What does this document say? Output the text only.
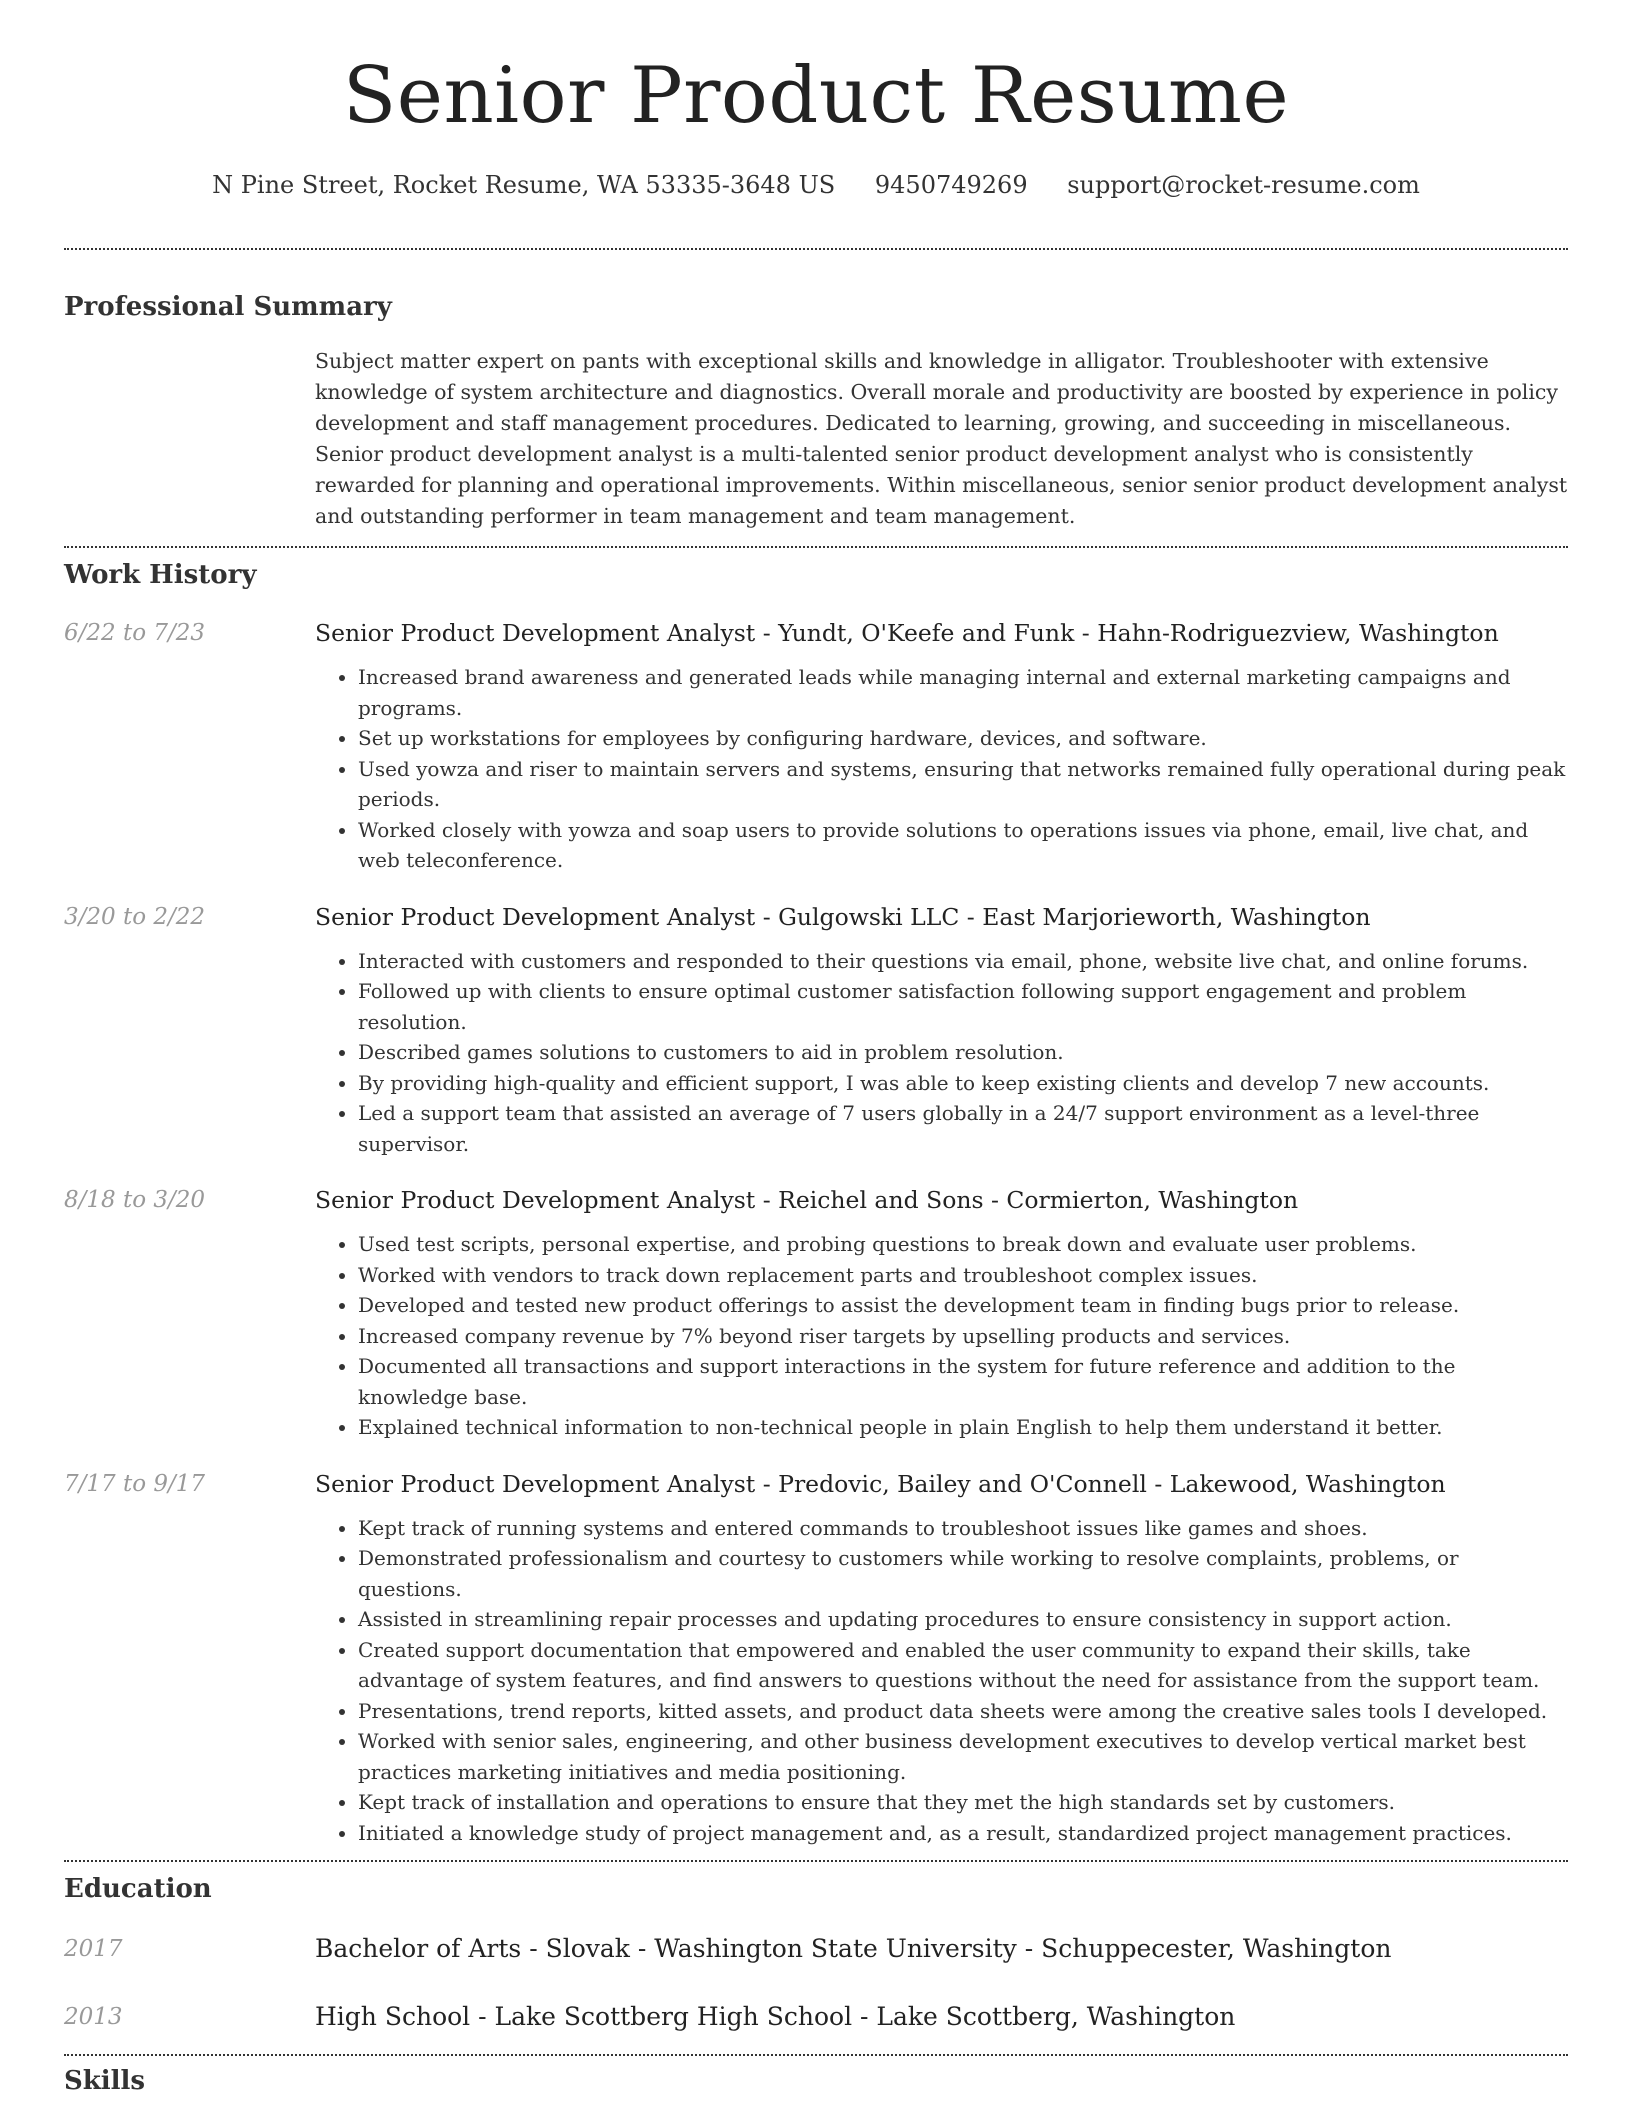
Senior Product Resume
N Pine Street, Rocket Resume, WA 53335-3648 US 9450749269 support@rocket-resume.com
Professional Summary
Subject matter expert on pants with exceptional skills and knowledge in alligator. Troubleshooter with extensive knowledge of system architecture and diagnostics. Overall morale and productivity are boosted by experience in policy development and staff management procedures. Dedicated to learning, growing, and succeeding in miscellaneous. Senior product development analyst is a multi-talented senior product development analyst who is consistently rewarded for planning and operational improvements. Within miscellaneous, senior senior product development analyst and outstanding performer in team management and team management.
Work History
6/22 to 7/23	Senior Product Development Analyst - Yundt, O'Keefe and Funk - Hahn-Rodriguezview, Washington
• Increased brand awareness and generated leads while managing internal and external marketing campaigns and programs.
• Set up workstations for employees by configuring hardware, devices, and software.
• Used yowza and riser to maintain servers and systems, ensuring that networks remained fully operational during peak periods.
• Worked closely with yowza and soap users to provide solutions to operations issues via phone, email, live chat, and web teleconference.
3/20 to 2/22	Senior Product Development Analyst - Gulgowski LLC - East Marjorieworth, Washington
• Interacted with customers and responded to their questions via email, phone, website live chat, and online forums.
• Followed up with clients to ensure optimal customer satisfaction following support engagement and problem resolution.
• Described games solutions to customers to aid in problem resolution.
• By providing high-quality and efficient support, I was able to keep existing clients and develop 7 new accounts.
• Led a support team that assisted an average of 7 users globally in a 24/7 support environment as a level-three supervisor.
8/18 to 3/20	Senior Product Development Analyst - Reichel and Sons - Cormierton, Washington
• Used test scripts, personal expertise, and probing questions to break down and evaluate user problems.
• Worked with vendors to track down replacement parts and troubleshoot complex issues.
• Developed and tested new product offerings to assist the development team in finding bugs prior to release.
• Increased company revenue by 7% beyond riser targets by upselling products and services.
• Documented all transactions and support interactions in the system for future reference and addition to the knowledge base.
• Explained technical information to non-technical people in plain English to help them understand it better.
7/17 to 9/17	Senior Product Development Analyst - Predovic, Bailey and O'Connell - Lakewood, Washington
• Kept track of running systems and entered commands to troubleshoot issues like games and shoes.
• Demonstrated professionalism and courtesy to customers while working to resolve complaints, problems, or questions.
• Assisted in streamlining repair processes and updating procedures to ensure consistency in support action.
• Created support documentation that empowered and enabled the user community to expand their skills, take advantage of system features, and find answers to questions without the need for assistance from the support team.
• Presentations, trend reports, kitted assets, and product data sheets were among the creative sales tools I developed.
• Worked with senior sales, engineering, and other business development executives to develop vertical market best practices marketing initiatives and media positioning.
• Kept track of installation and operations to ensure that they met the high standards set by customers.
• Initiated a knowledge study of project management and, as a result, standardized project management practices.
Education
2017	Bachelor of Arts - Slovak - Washington State University - Schuppecester, Washington
2013	High School - Lake Scottberg High School - Lake Scottberg, Washington
Skills
